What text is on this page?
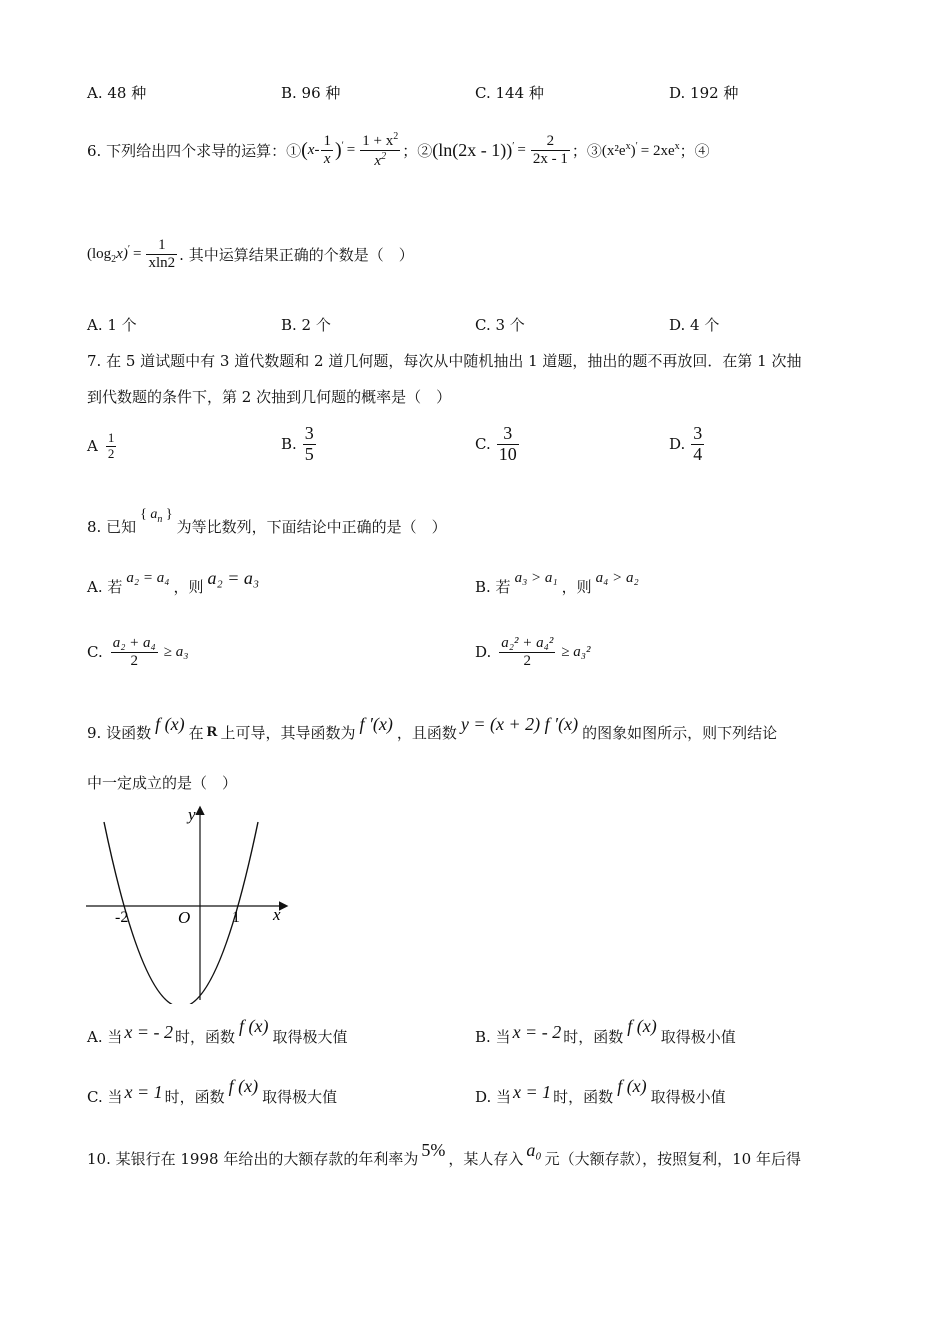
A. 48 种	B. 96 种	C. 144 种	D. 192 种
6. 下列给出四个求导的运算：① ( $x - \frac{1}{x} )' = \frac{1 + x^2}{x^2}$ ；② $(\ln(2x - 1))' = \frac{2}{2x - 1}$ ；③ $(x^2e^x)' = 2xe^x$ ；④
$(\log_2x)' = \frac{1}{xln2}$ . 其中运算结果正确的个数是（　）
A. 1 个	B. 2 个	C. 3 个	D. 4 个
7. 在 5 道试题中有 3 道代数题和 2 道几何题，每次从中随机抽出 1 道题，抽出的题不再放回．在第 1 次抽
到代数题的条件下，第 2 次抽到几何题的概率是（　）
A $\frac{1}{2}$	B. $\frac{3}{5}$	C. $\frac{3}{10}$	D. $\frac{3}{4}$
8. 已知
{ $a_n$ }
为等比数列，下面结论中正确的是（　）
A. 若 a₂ = a₄ ，则 a₂ = a₃	B. 若 a₃ > a₁ ，则 a₄ > a₂
C. $\frac{\text{a₂ + a₄}}{2} \ge a_3$	D. $\frac{\text{a₂² + a₄²}}{2} \ge a_3^2$
9. 设函数 f (x) 在 R 上可导，其导函数为 f ′(x) ，且函数 y = (x + 2) f ′(x) 的图象如图所示，则下列结论
中一定成立的是（　）
y
x
O
-2	1
A. 当 x = - 2 时，函数
f (x)
取得极大值	B. 当 x = - 2 时，函数
f (x)
取得极小值
C. 当 x = 1 时，函数
f (x)
取得极大值	D. 当 x = 1 时，函数
f (x)
取得极小值
10. 某银行在 1998 年给出的大额存款的年利率为 5% ，某人存入 a₀ 元（大额存款），按照复利，10 年后得
